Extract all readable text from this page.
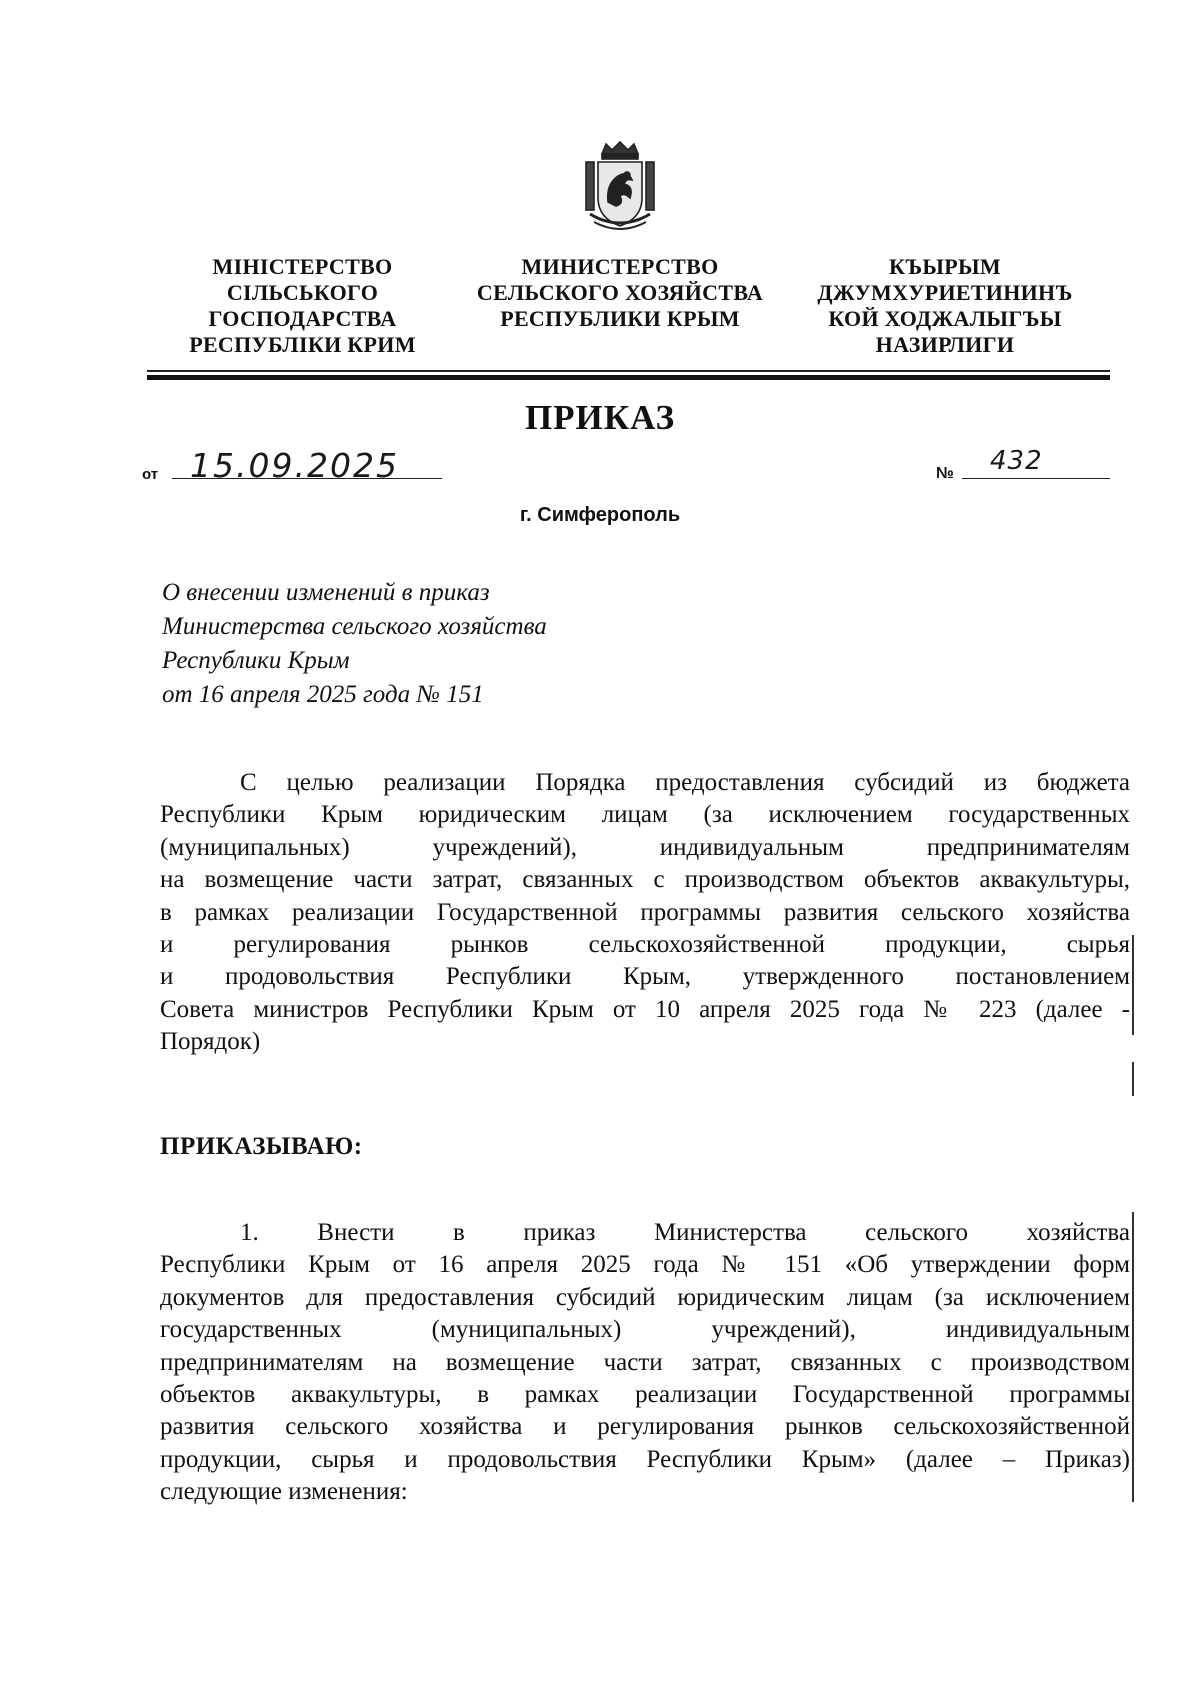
МІНІСТЕРСТВО
СІЛЬСЬКОГО
ГОСПОДАРСТВА
РЕСПУБЛІКИ КРИМ
МИНИСТЕРСТВО
СЕЛЬСКОГО ХОЗЯЙСТВА
РЕСПУБЛИКИ КРЫМ
КЪЫРЫМ
ДЖУМХУРИЕТИНИНЪ
КОЙ ХОДЖАЛЫГЪЫ
НАЗИРЛИГИ
ПРИКАЗ
от 15.09.2025	№ 432
г. Симферополь
О внесении изменений в приказ
Министерства сельского хозяйства
Республики Крым
от 16 апреля 2025 года № 151
С целью реализации Порядка предоставления субсидий из бюджета
Республики Крым юридическим лицам (за исключением государственных
(муниципальных) учреждений), индивидуальным предпринимателям
на возмещение части затрат, связанных с производством объектов аквакультуры,
в рамках реализации Государственной программы развития сельского хозяйства
и регулирования рынков сельскохозяйственной продукции, сырья
и продовольствия Республики Крым, утвержденного постановлением
Совета министров Республики Крым от 10 апреля 2025 года № 223 (далее -
Порядок)
ПРИКАЗЫВАЮ:
1. Внести в приказ Министерства сельского хозяйства
Республики Крым от 16 апреля 2025 года № 151 «Об утверждении форм
документов для предоставления субсидий юридическим лицам (за исключением
государственных (муниципальных) учреждений), индивидуальным
предпринимателям на возмещение части затрат, связанных с производством
объектов аквакультуры, в рамках реализации Государственной программы
развития сельского хозяйства и регулирования рынков сельскохозяйственной
продукции, сырья и продовольствия Республики Крым» (далее – Приказ)
следующие изменения:
